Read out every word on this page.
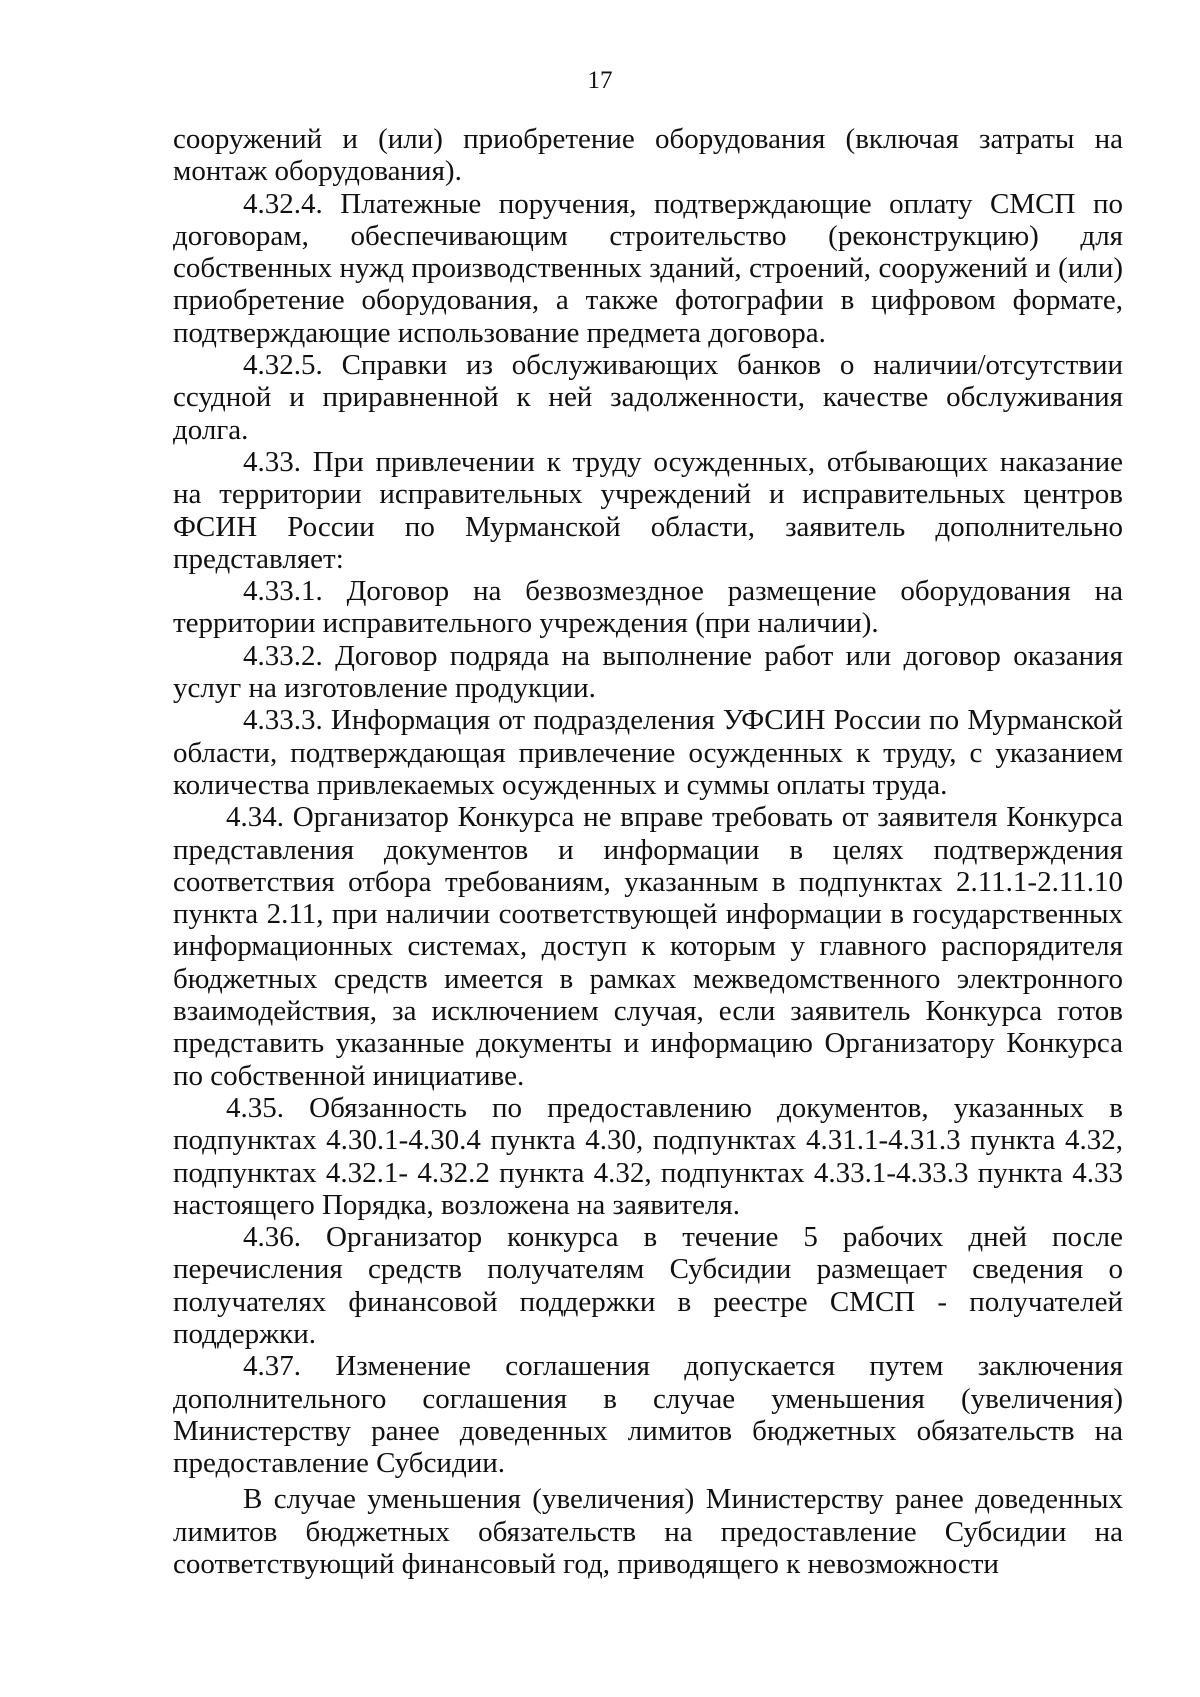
17

сооружений и (или) приобретение оборудования (включая затраты на монтаж оборудования).

4.32.4. Платежные поручения, подтверждающие оплату СМСП по договорам, обеспечивающим строительство (реконструкцию) для собственных нужд производственных зданий, строений, сооружений и (или) приобретение оборудования, а также фотографии в цифровом формате, подтверждающие использование предмета договора.

4.32.5. Справки из обслуживающих банков о наличии/отсутствии ссудной и приравненной к ней задолженности, качестве обслуживания долга.

4.33. При привлечении к труду осужденных, отбывающих наказание на территории исправительных учреждений и исправительных центров ФСИН России по Мурманской области, заявитель дополнительно представляет:

4.33.1. Договор на безвозмездное размещение оборудования на территории исправительного учреждения (при наличии).

4.33.2. Договор подряда на выполнение работ или договор оказания услуг на изготовление продукции.

4.33.3. Информация от подразделения УФСИН России по Мурманской области, подтверждающая привлечение осужденных к труду, с указанием количества привлекаемых осужденных и суммы оплаты труда.

4.34. Организатор Конкурса не вправе требовать от заявителя Конкурса представления документов и информации в целях подтверждения соответствия отбора требованиям, указанным в подпунктах 2.11.1-2.11.10 пункта 2.11, при наличии соответствующей информации в государственных информационных системах, доступ к которым у главного распорядителя бюджетных средств имеется в рамках межведомственного электронного взаимодействия, за исключением случая, если заявитель Конкурса готов представить указанные документы и информацию Организатору Конкурса по собственной инициативе.

4.35. Обязанность по предоставлению документов, указанных в подпунктах 4.30.1-4.30.4 пункта 4.30, подпунктах 4.31.1-4.31.3 пункта 4.32, подпунктах 4.32.1- 4.32.2 пункта 4.32, подпунктах 4.33.1-4.33.3 пункта 4.33 настоящего Порядка, возложена на заявителя.

4.36. Организатор конкурса в течение 5 рабочих дней после перечисления средств получателям Субсидии размещает сведения о получателях финансовой поддержки в реестре СМСП - получателей поддержки.

4.37. Изменение соглашения допускается путем заключения дополнительного соглашения в случае уменьшения (увеличения) Министерству ранее доведенных лимитов бюджетных обязательств на предоставление Субсидии.

В случае уменьшения (увеличения) Министерству ранее доведенных лимитов бюджетных обязательств на предоставление Субсидии на соответствующий финансовый год, приводящего к невозможности
